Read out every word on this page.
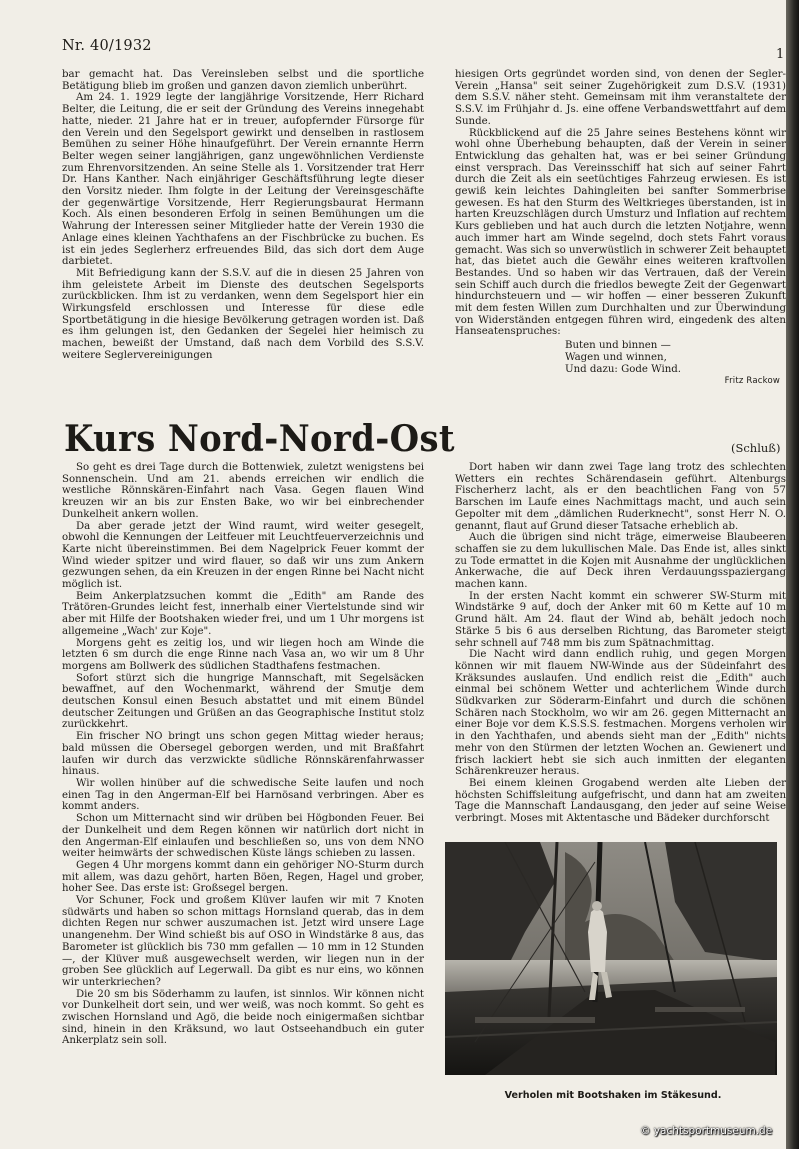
Nr. 40/1932
1

bar gemacht hat. Das Vereinsleben selbst und die sportliche Betätigung blieb im großen und ganzen davon ziemlich unberührt.

Am 24. 1. 1929 legte der langjährige Vorsitzende, Herr Richard Belter, die Leitung, die er seit der Gründung des Vereins innegehabt hatte, nieder. 21 Jahre hat er in treuer, aufopfernder Fürsorge für den Verein und den Segelsport gewirkt und denselben in rastlosem Bemühen zu seiner Höhe hinaufgeführt. Der Verein ernannte Herrn Belter wegen seiner langjährigen, ganz ungewöhnlichen Verdienste zum Ehrenvorsitzenden. An seine Stelle als 1. Vorsitzender trat Herr Dr. Hans Kanther. Nach einjähriger Geschäftsführung legte dieser den Vorsitz nieder. Ihm folgte in der Leitung der Vereinsgeschäfte der gegenwärtige Vorsitzende, Herr Regierungsbaurat Hermann Koch. Als einen besonderen Erfolg in seinen Bemühungen um die Wahrung der Interessen seiner Mitglieder hatte der Verein 1930 die Anlage eines kleinen Yachthafens an der Fischbrücke zu buchen. Es ist ein jedes Seglerherz erfreuendes Bild, das sich dort dem Auge darbietet.

Mit Befriedigung kann der S.S.V. auf die in diesen 25 Jahren von ihm geleistete Arbeit im Dienste des deutschen Segelsports zurückblicken. Ihm ist zu verdanken, wenn dem Segelsport hier ein Wirkungsfeld erschlossen und Interesse für diese edle Sportbetätigung in die hiesige Bevölkerung getragen worden ist. Daß es ihm gelungen ist, den Gedanken der Segelei hier heimisch zu machen, beweißt der Umstand, daß nach dem Vorbild des S.S.V. weitere Seglervereinigungen

hiesigen Orts gegründet worden sind, von denen der Segler-Verein „Hansa" seit seiner Zugehörigkeit zum D.S.V. (1931) dem S.S.V. näher steht. Gemeinsam mit ihm veranstaltete der S.S.V. im Frühjahr d. Js. eine offene Verbandswettfahrt auf dem Sunde.

Rückblickend auf die 25 Jahre seines Bestehens könnt wir wohl ohne Überhebung behaupten, daß der Verein in seiner Entwicklung das gehalten hat, was er bei seiner Gründung einst versprach. Das Vereinsschiff hat sich auf seiner Fahrt durch die Zeit als ein seetüchtiges Fahrzeug erwiesen. Es ist gewiß kein leichtes Dahingleiten bei sanfter Sommerbrise gewesen. Es hat den Sturm des Weltkrieges überstanden, ist in harten Kreuzschlägen durch Umsturz und Inflation auf rechtem Kurs geblieben und hat auch durch die letzten Notjahre, wenn auch immer hart am Winde segelnd, doch stets Fahrt voraus gemacht. Was sich so unverwüstlich in schwerer Zeit behauptet hat, das bietet auch die Gewähr eines weiteren kraftvollen Bestandes. Und so haben wir das Vertrauen, daß der Verein sein Schiff auch durch die friedlos bewegte Zeit der Gegenwart hindurchsteuern und — wir hoffen — einer besseren Zukunft mit dem festen Willen zum Durchhalten und zur Überwindung von Widerständen entgegen führen wird, eingedenk des alten Hanseatenspruches:

Buten und binnen —
Wagen und winnen,
Und dazu: Gode Wind.
Fritz Rackow
Kurs Nord-Nord-Ost	(Schluß)

So geht es drei Tage durch die Bottenwiek, zuletzt wenigstens bei Sonnenschein. Und am 21. abends erreichen wir endlich die westliche Rönnskären-Einfahrt nach Vasa. Gegen flauen Wind kreuzen wir an bis zur Ensten Bake, wo wir bei einbrechender Dunkelheit ankern wollen.

Da aber gerade jetzt der Wind raumt, wird weiter gesegelt, obwohl die Kennungen der Leitfeuer mit Leuchtfeuerverzeichnis und Karte nicht übereinstimmen. Bei dem Nagelprick Feuer kommt der Wind wieder spitzer und wird flauer, so daß wir uns zum Ankern gezwungen sehen, da ein Kreuzen in der engen Rinne bei Nacht nicht möglich ist.

Beim Ankerplatzsuchen kommt die „Edith" am Rande des Trätören-Grundes leicht fest, innerhalb einer Viertelstunde sind wir aber mit Hilfe der Bootshaken wieder frei, und um 1 Uhr morgens ist allgemeine „Wach' zur Koje".

Morgens geht es zeitig los, und wir liegen hoch am Winde die letzten 6 sm durch die enge Rinne nach Vasa an, wo wir um 8 Uhr morgens am Bollwerk des südlichen Stadthafens festmachen.

Sofort stürzt sich die hungrige Mannschaft, mit Segelsäcken bewaffnet, auf den Wochenmarkt, während der Smutje dem deutschen Konsul einen Besuch abstattet und mit einem Bündel deutscher Zeitungen und Grüßen an das Geographische Institut stolz zurückkehrt.

Ein frischer NO bringt uns schon gegen Mittag wieder heraus; bald müssen die Obersegel geborgen werden, und mit Braßfahrt laufen wir durch das verzwickte südliche Rönnskärenfahrwasser hinaus.

Wir wollen hinüber auf die schwedische Seite laufen und noch einen Tag in den Angerman-Elf bei Harnösand verbringen. Aber es kommt anders.

Schon um Mitternacht sind wir drüben bei Högbonden Feuer. Bei der Dunkelheit und dem Regen können wir natürlich dort nicht in den Angerman-Elf einlaufen und beschließen so, uns von dem NNO weiter heimwärts der schwedischen Küste längs schieben zu lassen.

Gegen 4 Uhr morgens kommt dann ein gehöriger NO-Sturm durch mit allem, was dazu gehört, harten Böen, Regen, Hagel und grober, hoher See. Das erste ist: Großsegel bergen.

Vor Schuner, Fock und großem Klüver laufen wir mit 7 Knoten südwärts und haben so schon mittags Hornsland querab, das in dem dichten Regen nur schwer auszumachen ist. Jetzt wird unsere Lage unangenehm. Der Wind schießt bis auf OSO in Windstärke 8 aus, das Barometer ist glücklich bis 730 mm gefallen — 10 mm in 12 Stunden —, der Klüver muß ausgewechselt werden, wir liegen nun in der groben See glücklich auf Legerwall. Da gibt es nur eins, wo können wir unterkriechen?

Die 20 sm bis Söderhamm zu laufen, ist sinnlos. Wir können nicht vor Dunkelheit dort sein, und wer weiß, was noch kommt. So geht es zwischen Hornsland und Agö, die beide noch einigermaßen sichtbar sind, hinein in den Kräksund, wo laut Ostseehandbuch ein guter Ankerplatz sein soll.

Dort haben wir dann zwei Tage lang trotz des schlechten Wetters ein rechtes Schärendasein geführt. Altenburgs Fischerherz lacht, als er den beachtlichen Fang von 57 Barschen im Laufe eines Nachmittags macht, und auch sein Gepolter mit dem „dämlichen Ruderknecht", sonst Herr N. O. genannt, flaut auf Grund dieser Tatsache erheblich ab.

Auch die übrigen sind nicht träge, eimerweise Blaubeeren schaffen sie zu dem lukullischen Male. Das Ende ist, alles sinkt zu Tode ermattet in die Kojen mit Ausnahme der unglücklichen Ankerwache, die auf Deck ihren Verdauungsspaziergang machen kann.

In der ersten Nacht kommt ein schwerer SW-Sturm mit Windstärke 9 auf, doch der Anker mit 60 m Kette auf 10 m Grund hält. Am 24. flaut der Wind ab, behält jedoch noch Stärke 5 bis 6 aus derselben Richtung, das Barometer steigt sehr schnell auf 748 mm bis zum Spätnachmittag.

Die Nacht wird dann endlich ruhig, und gegen Morgen können wir mit flauem NW-Winde aus der Südeinfahrt des Kräksundes auslaufen. Und endlich reist die „Edith" auch einmal bei schönem Wetter und achterlichem Winde durch Südkvarken zur Söderarm-Einfahrt und durch die schönen Schären nach Stockholm, wo wir am 26. gegen Mitternacht an einer Boje vor dem K.S.S.S. festmachen. Morgens verholen wir in den Yachthafen, und abends sieht man der „Edith" nichts mehr von den Stürmen der letzten Wochen an. Gewienert und frisch lackiert hebt sie sich auch inmitten der eleganten Schärenkreuzer heraus.

Bei einem kleinen Grogabend werden alte Lieben der höchsten Schiffsleitung aufgefrischt, und dann hat am zweiten Tage die Mannschaft Landausgang, den jeder auf seine Weise verbringt. Moses mit Aktentasche und Bädeker durchforscht

Verholen mit Bootshaken im Stäkesund.
© yachtsportmuseum.de
